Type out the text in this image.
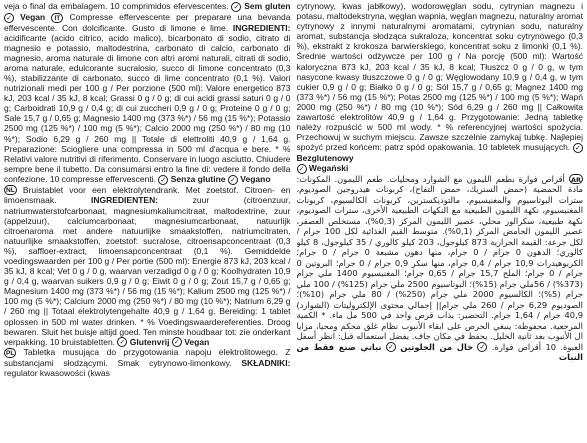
veja o final da embalagem. 10 comprimidos efervescentes. ✓ Sem gluten ✓ Vegan IT Compresse effervescente per preparare una bevanda effervescente. Con dolcificante. Gusto di limone e lime. INGREDIENTI: acidificante (acido citrico, acido malico), bicarbonato di sodio, citrato di magnesio e potassio, maltodestrina, carbonato di calcio, carbonato di magnesio, aroma naturale di limone con altri aromi naturali, citrati di sodio, aroma naturale, edulcorante sucralosio, succo di limone concentrato (0,3 %), stabilizzante di carbonato, succo di lime concentrato (0,1 %). Valori nutrizionali medi per 100 g / Per porzione (500 ml): Valore energetico 873 kJ, 203 kcal / 35 kJ, 8 kcal; Grassi 0 g / 0 g; di cui acidi grassi saturi 0 g / 0 g; Carboidrati 10,9 g / 0,4 g; di cui zuccheri 0,9 g / 0 g; Proteine 0 g / 0 g; Sale 15,7 g / 0,65 g; Magnesio 1400 mg (373 %*) / 56 mg (15 %*); Potassio 2500 mg (125 %*) / 100 mg (5 %*); Calcio 2000 mg (250 %*) / 80 mg (10 %*); Sodio 6,29 g / 260 mg || Totale di elettroliti 40,9 g / 1,64 g. Preparazione: Sciogliere una compressa in 500 ml d'acqua e bere. * % Relativi valore nutritivi di riferimento. Conservare in luogo asciutto. Chiudere sempre bene il tubetto. Da consumarsi entro la fine di: vedere il fondo della confezione. 10 compresse effervescenti. ✓ Senza glutine ✓ Vegano

NL Bruistablet voor een elektrolytendrank. Met zoetstof. Citroen- en limoensmaak.	INGREDIENTEN:	zuur (citroenzuur, natriumwaterstofcarbonaat, magnesiumkaliumcitraat, maltodextrine, zuur (appelzuur), calciumcarbonaat, magnesiumcarbonaat, natuurlijk citroenaroma met andere natuurlijke smaakstoffen, natriumcitraten, natuurlijke smaakstoffen, zoetstof: sucralose, citroensapconcentraat (0,3 %), saffloer-extract, limoensapconcentraat (0,1 %). Gemiddelde voedingswaarden per 100 g / Per portie (500 ml): Energie 873 kJ, 203 kcal / 35 kJ, 8 kcal; Vet 0 g / 0 g, waarvan verzadigd 0 g / 0 g; Koolhydraten 10,9 g / 0,4 g, waarvan suikers 0,9 g / 0 g; Eiwit 0 g / 0 g; Zout 15,7 g / 0,65 g; Magnesium 1400 mg (373 %*) / 56 mg (15 %*); Kalium 2500 mg (125 %*) / 100 mg (5 %*); Calcium 2000 mg (250 %*) / 80 mg (10 %*); Natrium 6,29 g / 260 mg || Totaal elektrolytengehalte 40,9 g / 1,64 g. Bereiding: 1 tablet oplossen in 500 ml water drinken. * % Voedingswaardereferenties. Droog bewaren. Sluit het buisje altijd goed. Ten minste houdbaar tot: zie onderkant verpakking. 10 bruistabletten. ✓ Glutenvrij ✓ Vegan

PL Tabletka musująca do przygotowania napoju elektrolitowego. Z substancjami słodzącymi. Smak cytrynowo-limonkowy. SKŁADNIKI: regulator kwasowości (kwas

cytrynowy, kwas jabłkowy), wodorowęglan sodu, cytrynian magnezu i potasu, maltodekstryna, węglan wapnia, węglan magnezu, naturalny aromat cytrynowy z innymi naturalnymi aromatami, cytrynian sodu, naturalny aromat, substancja słodząca sukraloza, koncentrat soku cytrynowego (0,3 %), ekstrakt z krokosza barwierskiego, koncentrat soku z limonki (0,1 %). Średnie wartości odżywcze per 100 g / Na porcję (500 ml): Wartość kaloryczna 873 kJ, 203 kcal / 35 kJ, 8 kcal; Tłuszcz 0 g / 0 g, w tym nasycone kwasy tłuszczowe 0 g / 0 g; Węglowodany 10,9 g / 0,4 g, w tym cukier 0,9 g / 0 g; Białko 0 g / 0 g; Sól 15,7 g / 0,65 g; Magnez 1400 mg (373 %*) / 56 mg (15 %*); Potas 2500 mg (125 %*) / 100 mg (5 %*); Wapń 2000 mg (250 %*) / 80 mg (10 %*); Sód 6,29 g / 260 mg || Całkowita zawartość elektrolitów 40,9 g / 1,64 g. Przygotowanie: Jedną tabletkę należy rozpuścić w 500 ml wody. * % referencyjnej wartości spożycia. Przechowuj w suchym miejscu. Zawsze szczelnie zamykaj tubkę. Najlepiej spożyć przed końcem: patrz spód opakowania. 10 tabletek musujących. ✓ Bezglutenowy
✓ Wegański

AR أقراص فوارة بطعم الليمون مع الشوارد ومحليات. طعم الليمون. المكونات: مادة الحمضية (حمض الستريك، حمض التفاح)، كربونات هيدروجين الصوديوم، سترات البوتاسيوم والمغنيسيوم، مالتوديكسترين، كربونات الكالسيوم، كربونات المغنيسيوم، نكهة الليمون الطبيعية مع النكهات الطبيعية الأخرى، سترات الصوديوم، نكهة طبيعية، سكرالوز محلي، عصير الليمون المركز (0,3%)، مستخلص العصفر، عصير الليمون الحامض المركز (0,1%). متوسط القيم الغذائية لكل 100 جرام / لكل جرعة: القيمة الحرارية 873 كيلوجول، 203 كيلو كالوري / 35 كيلوجول، 8 كيلو كالوري؛ الدهون 0 جرام / 0 جرام، منها دهون مشبعة 0 جرام / 0 جرام؛ الكربوهيدرات 10,9 جرام / 0,4 جرام، منها سكر 0,9 جرام / 0 جرام؛ البروتين 0 جرام / 0 جرام؛ الملح 15,7 جرام / 0,65 جرام؛ المغنيسيوم 1400 ملي جرام (373%) / 56ملي جرام (15%)؛ البوتاسيوم 2500 ملي جرام (125%) / 100 ملي جرام (5%)؛ الكالسيوم 2000 ملي جرام (250%) / 80 ملي جرام (10%)؛ الصوديوم 6,29 جرام / 260 ملي جرام|| إجمالي محتوى الإلكتروليتات (الشوارد) 40,9 جرام / 1,64 جرام. التحضير: يذاب قرص واحد في 500 مل ماء. * الكمية المرجعية. محفوظة: ينبغي الحرص على ابقاء الأنبوب نظام غلق محكم ومحيا، مزايا ال الأنبوب بعد ثانية الخليل. يحفظ في مكان جاف. يفضل استعماله قبل: انظر أسفل العبوة. 10 أقراص فوارة. ✓ خال من الجلوتين ✓ نباتي صنع فقط من النبات
